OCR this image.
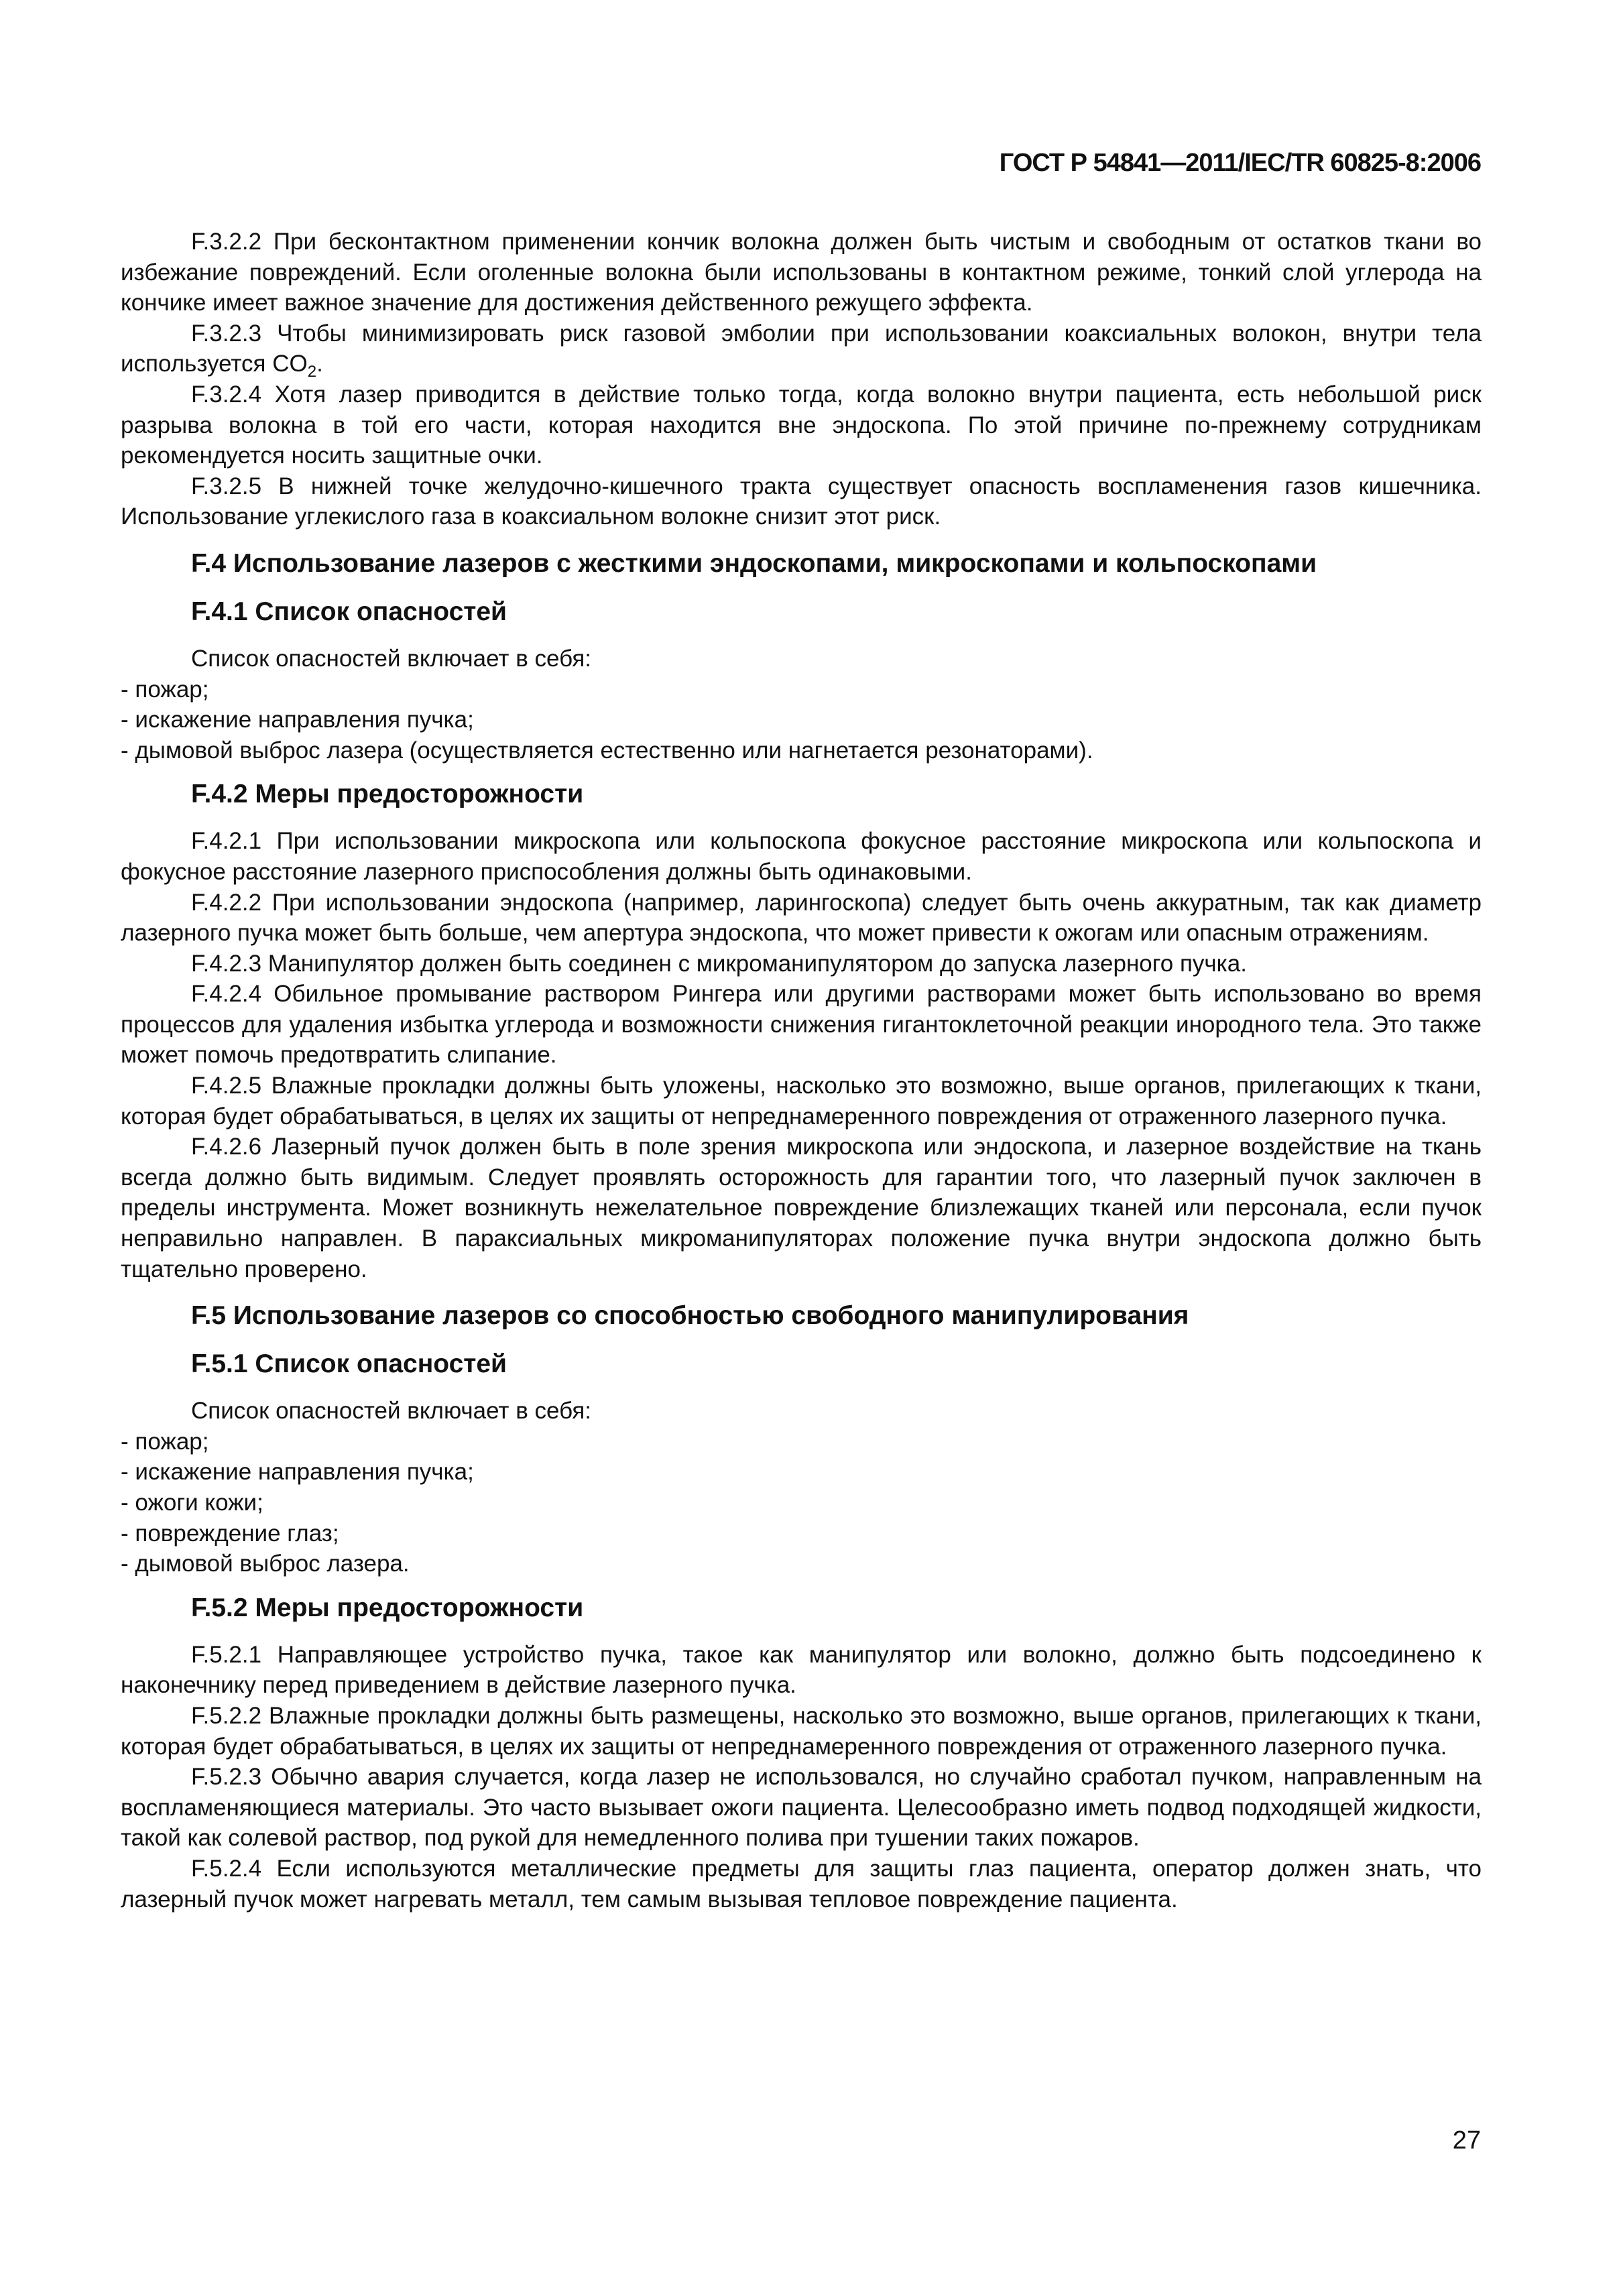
ГОСТ Р 54841—2011/IEC/TR 60825-8:2006

F.3.2.2 При бесконтактном применении кончик волокна должен быть чистым и свободным от остатков ткани во избежание повреждений. Если оголенные волокна были использованы в контактном режиме, тонкий слой углерода на кончике имеет важное значение для достижения действенного режущего эффекта.

F.3.2.3 Чтобы минимизировать риск газовой эмболии при использовании коаксиальных волокон, внутри тела используется $CO_2$.

F.3.2.4 Хотя лазер приводится в действие только тогда, когда волокно внутри пациента, есть небольшой риск разрыва волокна в той его части, которая находится вне эндоскопа. По этой причине по-прежнему сотрудникам рекомендуется носить защитные очки.

F.3.2.5 В нижней точке желудочно-кишечного тракта существует опасность воспламенения газов кишечника. Использование углекислого газа в коаксиальном волокне снизит этот риск.

F.4 Использование лазеров с жесткими эндоскопами, микроскопами и кольпоскопами
F.4.1 Список опасностей

Список опасностей включает в себя:

- пожар;

- искажение направления пучка;

- дымовой выброс лазера (осуществляется естественно или нагнетается резонаторами).

F.4.2 Меры предосторожности

F.4.2.1 При использовании микроскопа или кольпоскопа фокусное расстояние микроскопа или кольпоскопа и фокусное расстояние лазерного приспособления должны быть одинаковыми.

F.4.2.2 При использовании эндоскопа (например, ларингоскопа) следует быть очень аккуратным, так как диаметр лазерного пучка может быть больше, чем апертура эндоскопа, что может привести к ожогам или опасным отражениям.

F.4.2.3 Манипулятор должен быть соединен с микроманипулятором до запуска лазерного пучка.

F.4.2.4 Обильное промывание раствором Рингера или другими растворами может быть использовано во время процессов для удаления избытка углерода и возможности снижения гигантоклеточной реакции инородного тела. Это также может помочь предотвратить слипание.

F.4.2.5 Влажные прокладки должны быть уложены, насколько это возможно, выше органов, прилегающих к ткани, которая будет обрабатываться, в целях их защиты от непреднамеренного повреждения от отраженного лазерного пучка.

F.4.2.6 Лазерный пучок должен быть в поле зрения микроскопа или эндоскопа, и лазерное воздействие на ткань всегда должно быть видимым. Следует проявлять осторожность для гарантии того, что лазерный пучок заключен в пределы инструмента. Может возникнуть нежелательное повреждение близлежащих тканей или персонала, если пучок неправильно направлен. В параксиальных микроманипуляторах положение пучка внутри эндоскопа должно быть тщательно проверено.

F.5 Использование лазеров со способностью свободного манипулирования
F.5.1 Список опасностей

Список опасностей включает в себя:

- пожар;

- искажение направления пучка;

- ожоги кожи;

- повреждение глаз;

- дымовой выброс лазера.

F.5.2 Меры предосторожности

F.5.2.1 Направляющее устройство пучка, такое как манипулятор или волокно, должно быть подсоединено к наконечнику перед приведением в действие лазерного пучка.

F.5.2.2 Влажные прокладки должны быть размещены, насколько это возможно, выше органов, прилегающих к ткани, которая будет обрабатываться, в целях их защиты от непреднамеренного повреждения от отраженного лазерного пучка.

F.5.2.3 Обычно авария случается, когда лазер не использовался, но случайно сработал пучком, направленным на воспламеняющиеся материалы. Это часто вызывает ожоги пациента. Целесообразно иметь подвод подходящей жидкости, такой как солевой раствор, под рукой для немедленного полива при тушении таких пожаров.

F.5.2.4 Если используются металлические предметы для защиты глаз пациента, оператор должен знать, что лазерный пучок может нагревать металл, тем самым вызывая тепловое повреждение пациента.

27
